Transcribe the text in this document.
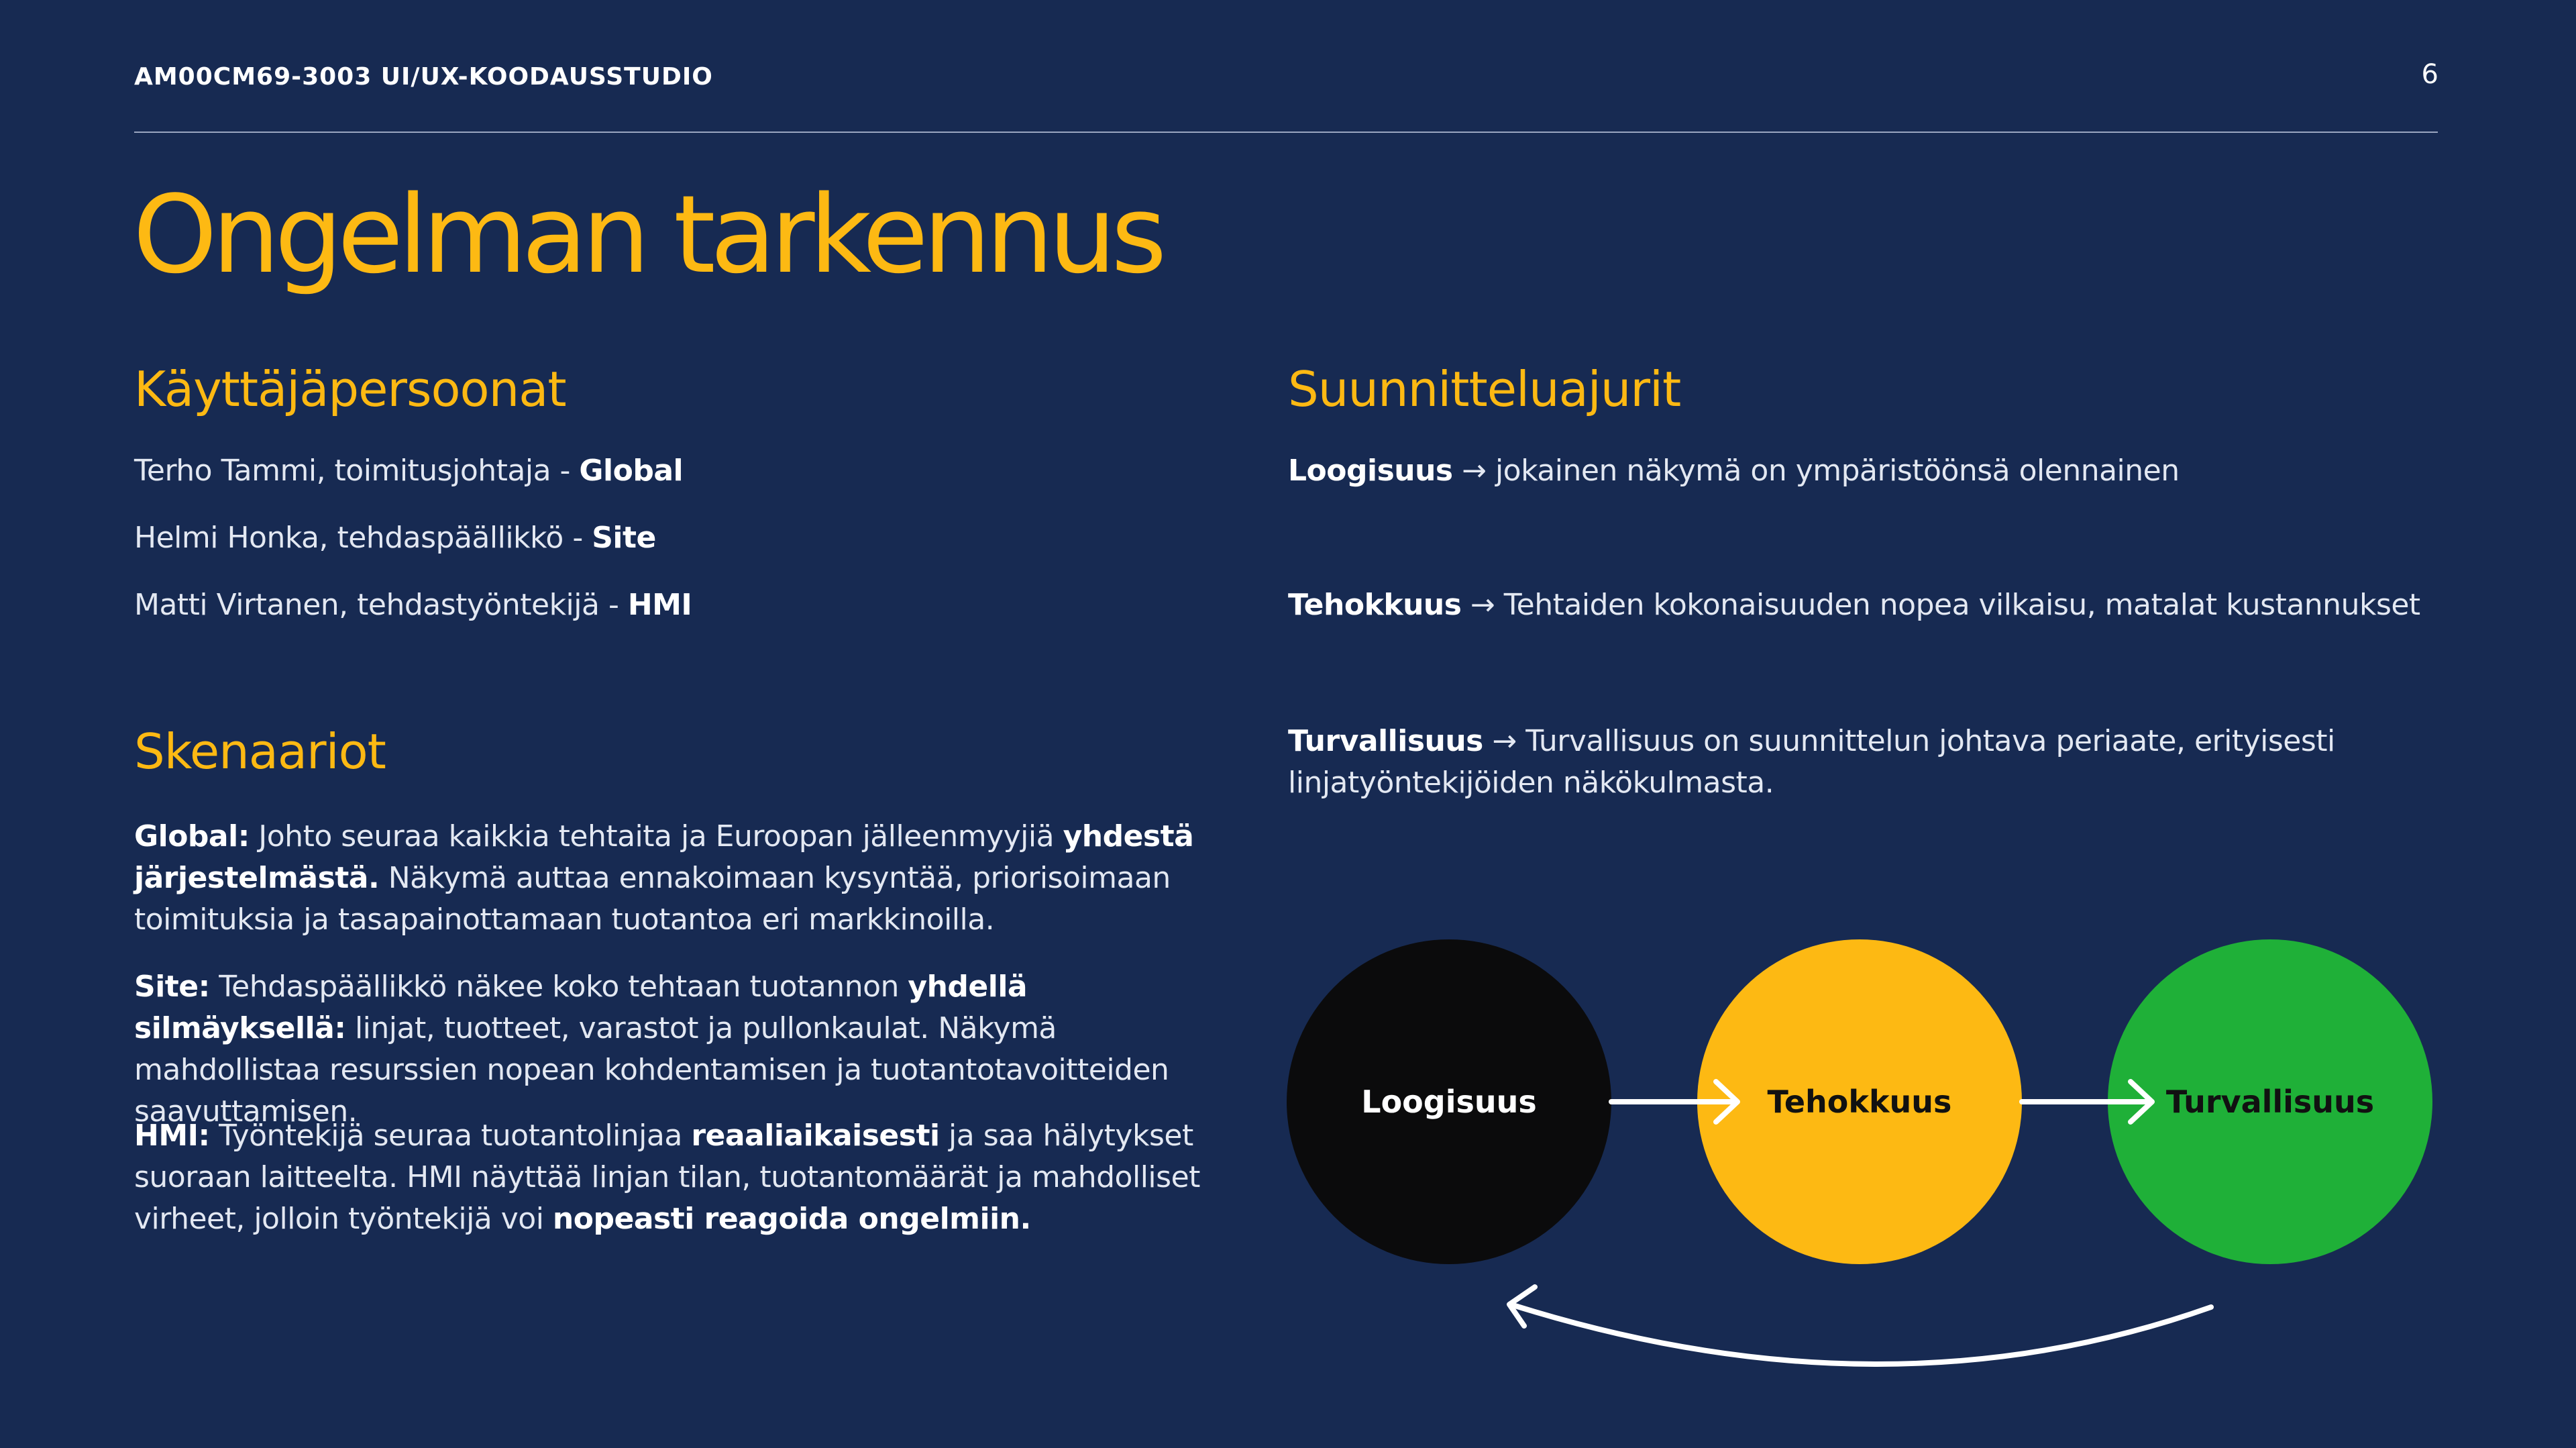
AM00CM69-3003 UI/UX-KOODAUSSTUDIO	6
Ongelman tarkennus
Käyttäjäpersoonat
Terho Tammi, toimitusjohtaja - Global
Helmi Honka, tehdaspäällikkö - Site
Matti Virtanen, tehdastyöntekijä - HMI
Skenaariot
Global: Johto seuraa kaikkia tehtaita ja Euroopan jälleenmyyjiä yhdestä järjestelmästä. Näkymä auttaa ennakoimaan kysyntää, priorisoimaan toimituksia ja tasapainottamaan tuotantoa eri markkinoilla.
Site: Tehdaspäällikkö näkee koko tehtaan tuotannon yhdellä silmäyksellä: linjat, tuotteet, varastot ja pullonkaulat. Näkymä mahdollistaa resurssien nopean kohdentamisen ja tuotantotavoitteiden saavuttamisen.
HMI: Työntekijä seuraa tuotantolinjaa reaaliaikaisesti ja saa hälytykset suoraan laitteelta. HMI näyttää linjan tilan, tuotantomäärät ja mahdolliset virheet, jolloin työntekijä voi nopeasti reagoida ongelmiin.
Suunnitteluajurit
Loogisuus → jokainen näkymä on ympäristöönsä olennainen
Tehokkuus → Tehtaiden kokonaisuuden nopea vilkaisu, matalat kustannukset
Turvallisuus → Turvallisuus on suunnittelun johtava periaate, erityisesti linjatyöntekijöiden näkökulmasta.
Loogisuus	Tehokkuus	Turvallisuus
